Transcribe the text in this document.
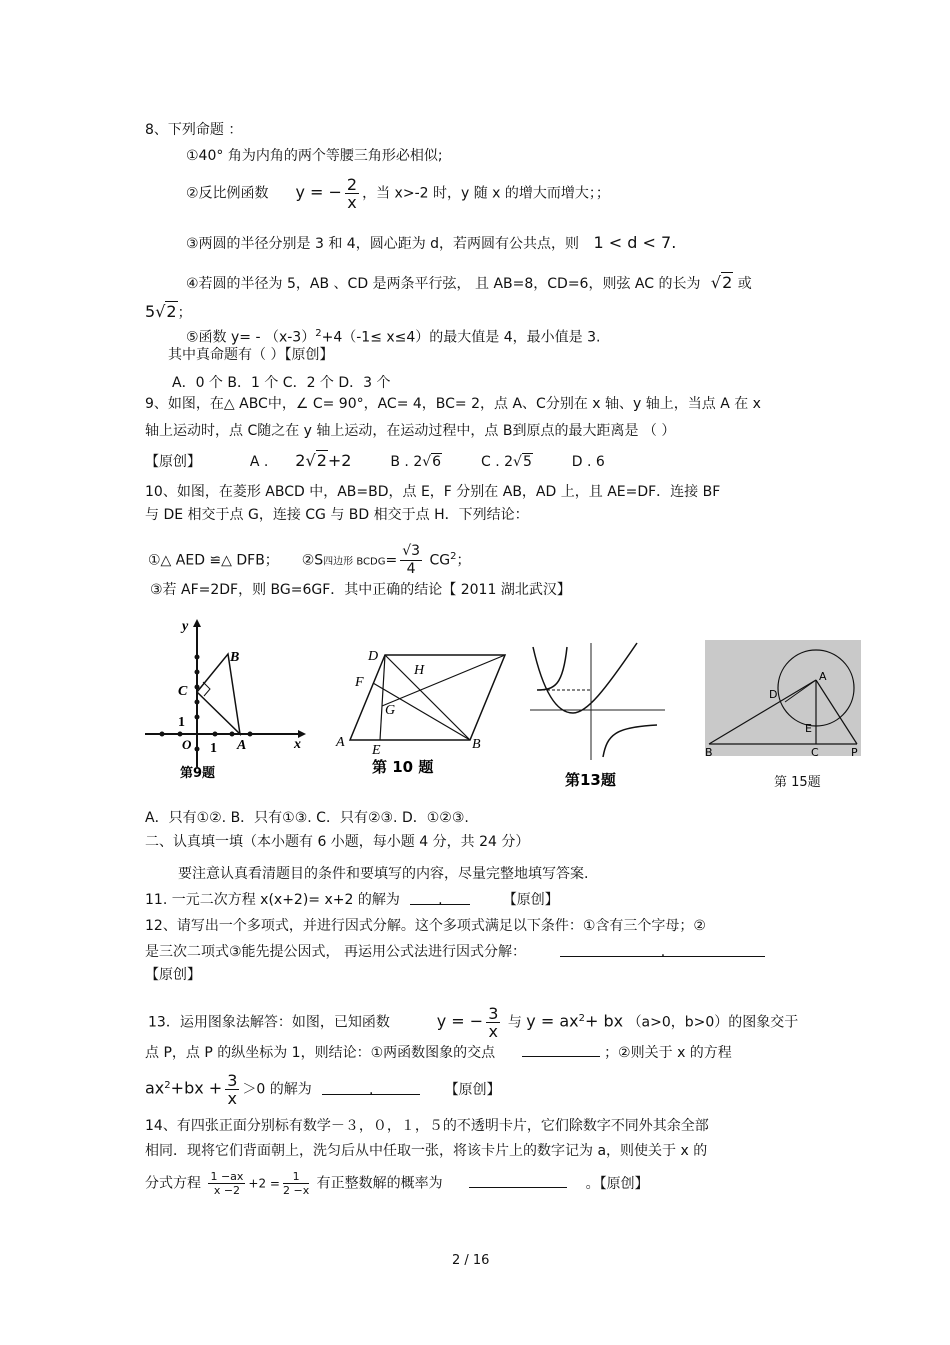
8、下列命题 ：
①40° 角为内角的两个等腰三角形必相似;
②反比例函数 y = − $\frac{2}{x}$ ，当 x>-2 时，y 随 x 的增大而增大；；
③两圆的半径分别是 3 和 4，圆心距为 d，若两圆有公共点，则 1 < d < 7.
④若圆的半径为 5，AB 、CD 是两条平行弦， 且 AB=8，CD=6，则弦 AC 的长为 √2 或
5√2；
⑤函数 $y= - (x-3)^2+4(-1\le x\le 4)$的最大值是 4，最小值是 3.
其中真命题有（ ）【原创】
A．0 个 B．1 个 C．2 个 D．3 个
9、如图，在△ ABC中，∠ C= 90°，AC= 4，BC= 2，点 A、C分别在 x 轴、y 轴上，当点 A 在 x
轴上运动时，点 C随之在 y 轴上运动，在运动过程中，点 B到原点的最大距离是 （ ）
【原创】	A .  2√2+2	B . 2√6	C . 2√5	D . 6
10、如图，在菱形 ABCD 中，AB=BD，点 E，F 分别在 AB，AD 上，且 AE=DF．连接 BF
与 DE 相交于点 G，连接 CG 与 BD 相交于点 H．下列结论：
①△ AED ≌△ DFB； ②S四边形 BCDG= $\frac{√3}{4} CG^2$；
③若 AF=2DF，则 BG=6GF．其中正确的结论【 2011 湖北武汉】
y
B
C
1
O 1 A	x
第9题
D
H
F
G
A
E	B
第 10 题
第13题
A
D
E
B	C	P
第 15题
A．只有①②. B．只有①③. C．只有②③. D．①②③.
二、认真填一填（本小题有 6 小题，每小题 4 分，共 24 分）
要注意认真看清题目的条件和要填写的内容，尽量完整地填写答案.
11. 一元二次方程 x(x+2)= x+2 的解为	.	【原创】
12、请写出一个多项式，并进行因式分解。这个多项式满足以下条件：①含有三个字母；②
是三次二项式③能先提公因式， 再运用公式法进行因式分解：	.
【原创】
13．运用图象法解答：如图，已知函数	y = − $\frac{3}{x}$ 与 $y = ax^2+$ bx （a>0，b>0）的图象交于
点 P，点 P 的纵坐标为 1，则结论：①两函数图象的交点	；②则关于 x 的方程
$ax^2+bx + \frac{3}{x} >0$ 的解为	.	【原创】
14、有四张正面分别标有数学－３，０，１，５的不透明卡片，它们除数字不同外其余全部
相同．现将它们背面朝上，洗匀后从中任取一张，将该卡片上的数字记为 a，则使关于 x 的
分式方程 $\frac{1 -ax}{x -2} +2 = \frac{1}{2 -x}$ 有正整数解的概率为	。【原创】
2 / 16
